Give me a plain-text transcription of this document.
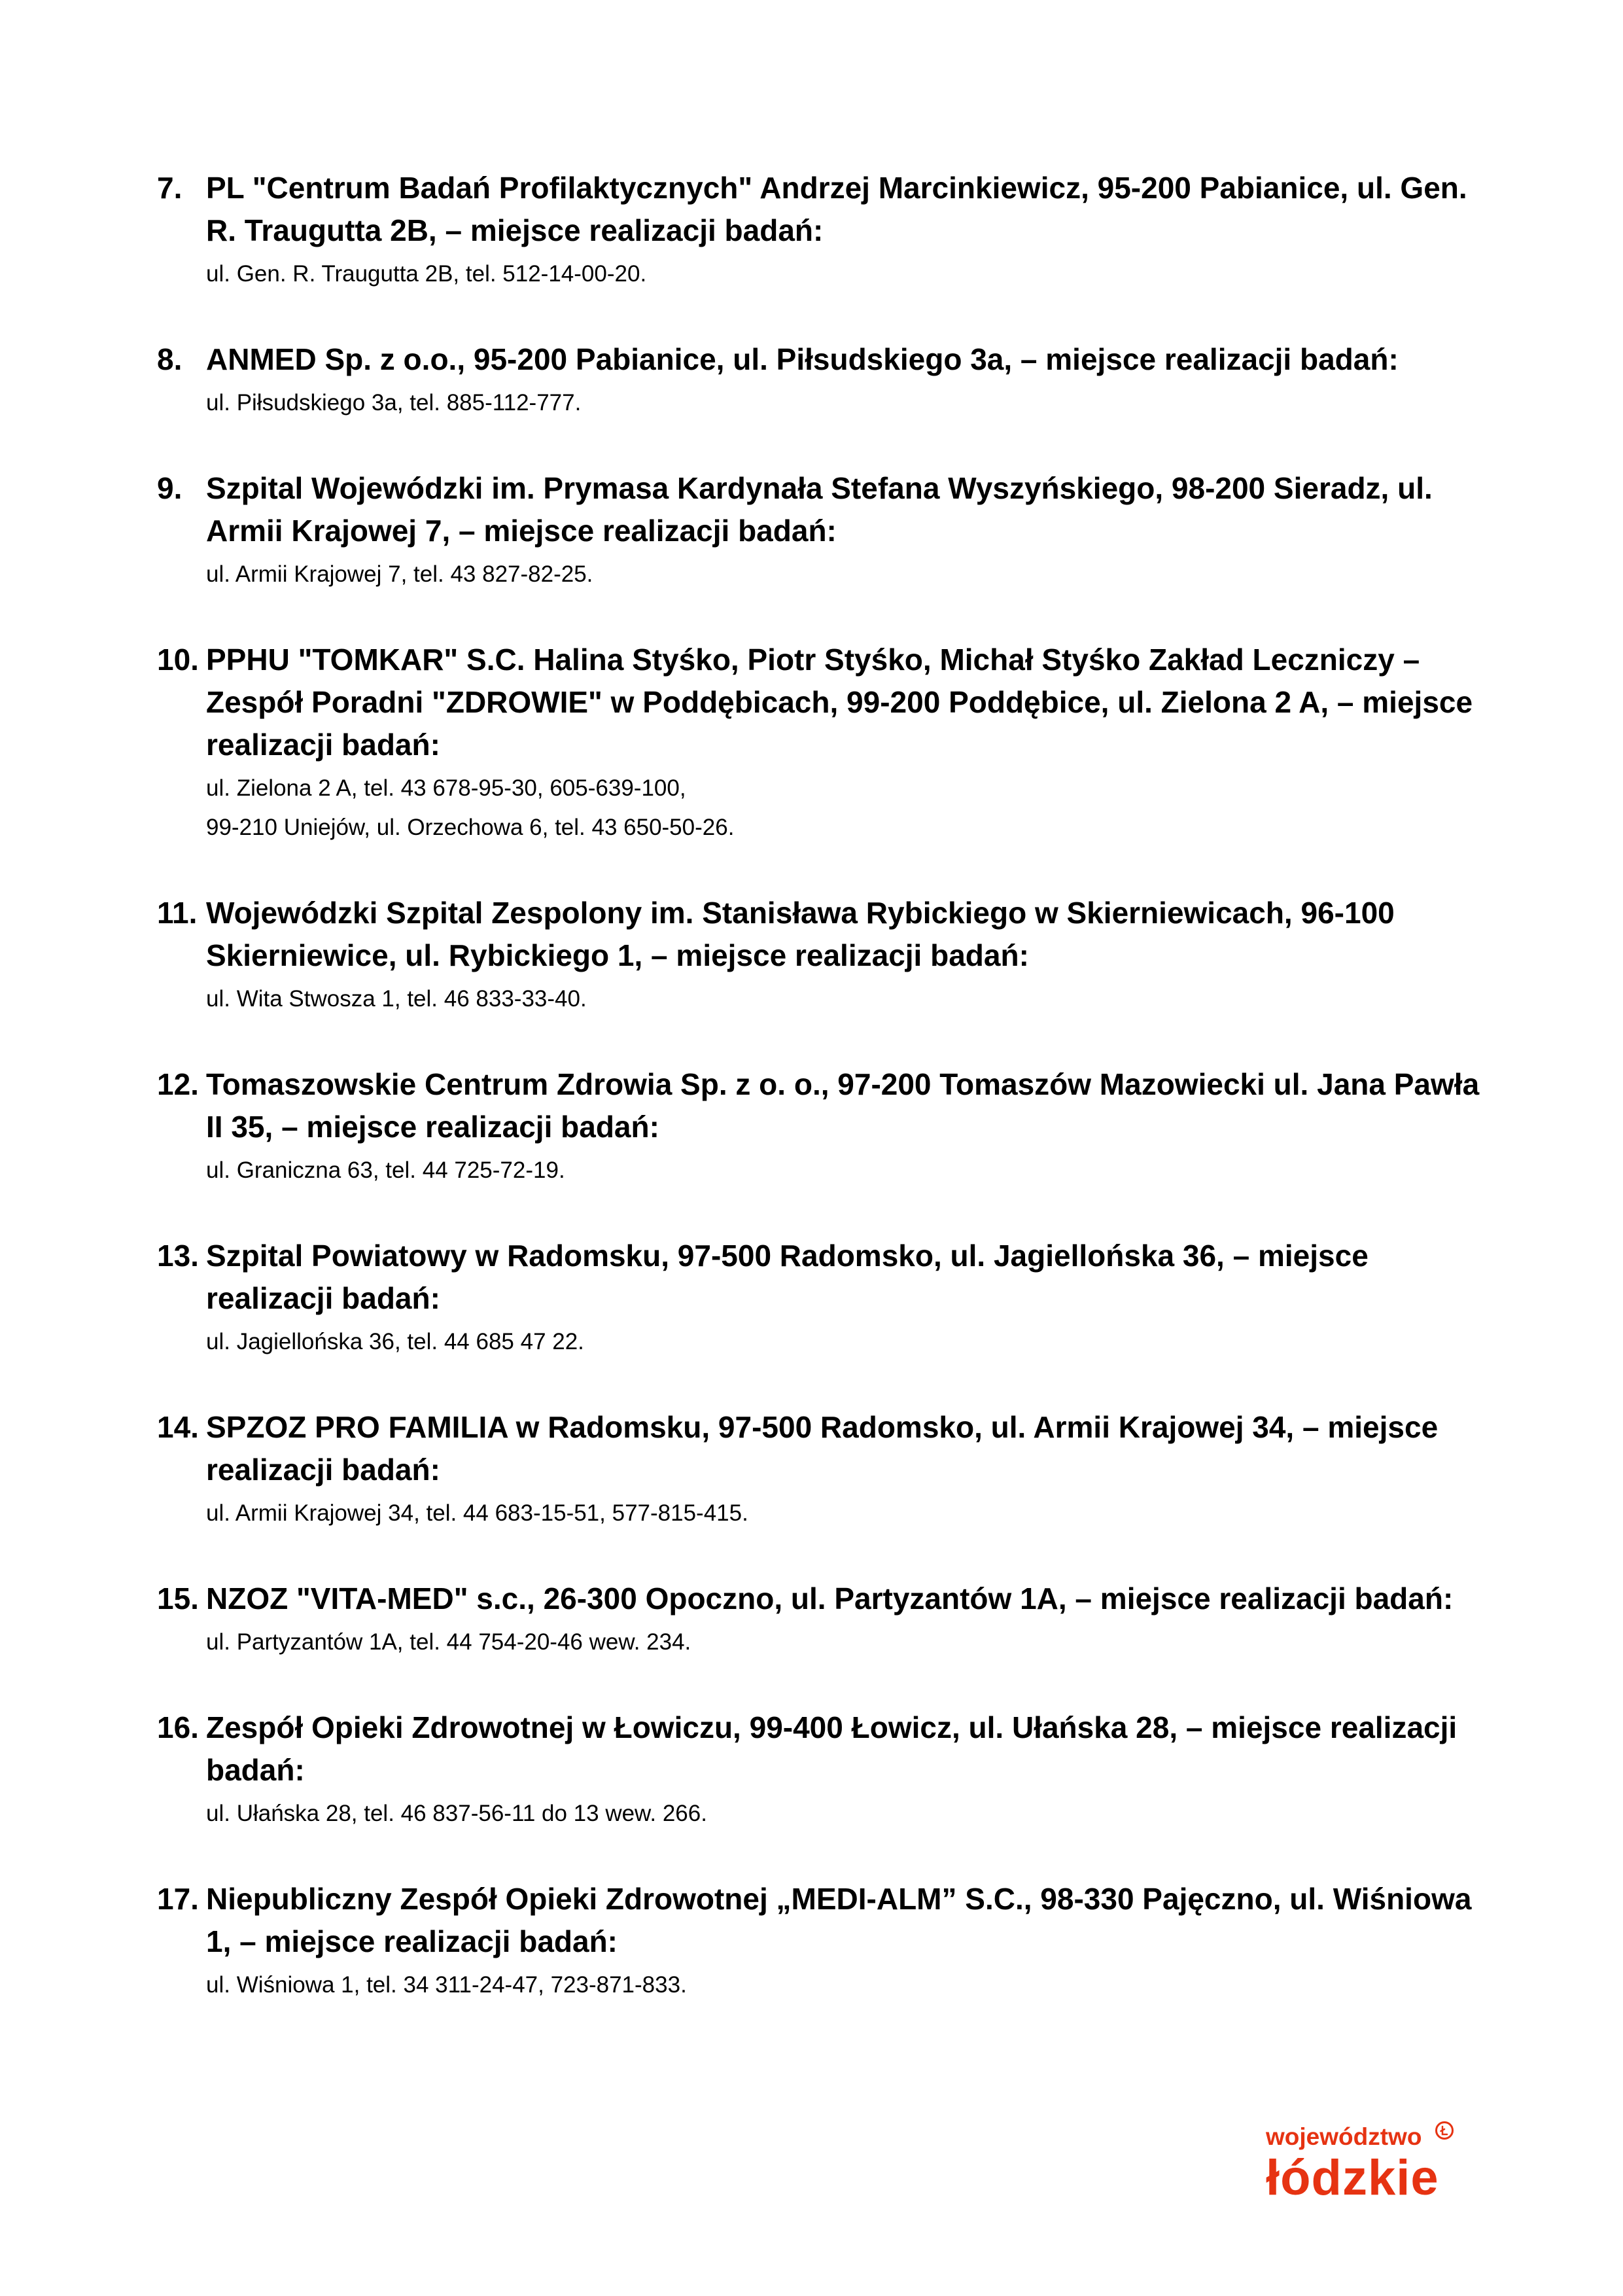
7. PL "Centrum Badań Profilaktycznych" Andrzej Marcinkiewicz, 95-200 Pabianice, ul. Gen. R. Traugutta 2B, – miejsce realizacji badań:

ul. Gen. R. Traugutta 2B, tel. 512-14-00-20.
8. ANMED Sp. z o.o., 95-200 Pabianice, ul. Piłsudskiego 3a, – miejsce realizacji badań:

ul. Piłsudskiego 3a, tel. 885-112-777.
9. Szpital Wojewódzki im. Prymasa Kardynała Stefana Wyszyńskiego, 98-200 Sieradz, ul. Armii Krajowej 7, – miejsce realizacji badań:

ul. Armii Krajowej 7, tel. 43 827-82-25.
10. PPHU "TOMKAR" S.C. Halina Styśko, Piotr Styśko, Michał Styśko Zakład Leczniczy – Zespół Poradni "ZDROWIE" w Poddębicach, 99-200 Poddębice, ul. Zielona 2 A, – miejsce realizacji badań:

ul. Zielona 2 A, tel. 43 678-95-30, 605-639-100,
99-210 Uniejów, ul. Orzechowa 6, tel. 43 650-50-26.
11. Wojewódzki Szpital Zespolony im. Stanisława Rybickiego w Skierniewicach, 96-100 Skierniewice, ul. Rybickiego 1, – miejsce realizacji badań:

ul. Wita Stwosza 1, tel. 46 833-33-40.
12. Tomaszowskie Centrum Zdrowia Sp. z o. o., 97-200 Tomaszów Mazowiecki ul. Jana Pawła II 35, – miejsce realizacji badań:

ul. Graniczna 63, tel. 44 725-72-19.
13. Szpital Powiatowy w Radomsku, 97-500 Radomsko, ul. Jagiellońska 36, – miejsce realizacji badań:

ul. Jagiellońska 36, tel. 44 685 47 22.
14. SPZOZ PRO FAMILIA w Radomsku, 97-500 Radomsko, ul. Armii Krajowej 34, – miejsce realizacji badań:

ul. Armii Krajowej 34, tel. 44 683-15-51, 577-815-415.
15. NZOZ "VITA-MED" s.c., 26-300 Opoczno, ul. Partyzantów 1A, – miejsce realizacji badań:

ul. Partyzantów 1A, tel. 44 754-20-46 wew. 234.
16. Zespół Opieki Zdrowotnej w Łowiczu, 99-400 Łowicz, ul. Ułańska 28, – miejsce realizacji badań:

ul. Ułańska 28, tel. 46 837-56-11 do 13 wew. 266.
17. Niepubliczny Zespół Opieki Zdrowotnej „MEDI-ALM” S.C., 98-330 Pajęczno, ul. Wiśniowa 1, – miejsce realizacji badań:

ul. Wiśniowa 1, tel. 34 311-24-47, 723-871-833.
województwo
łódzkie
